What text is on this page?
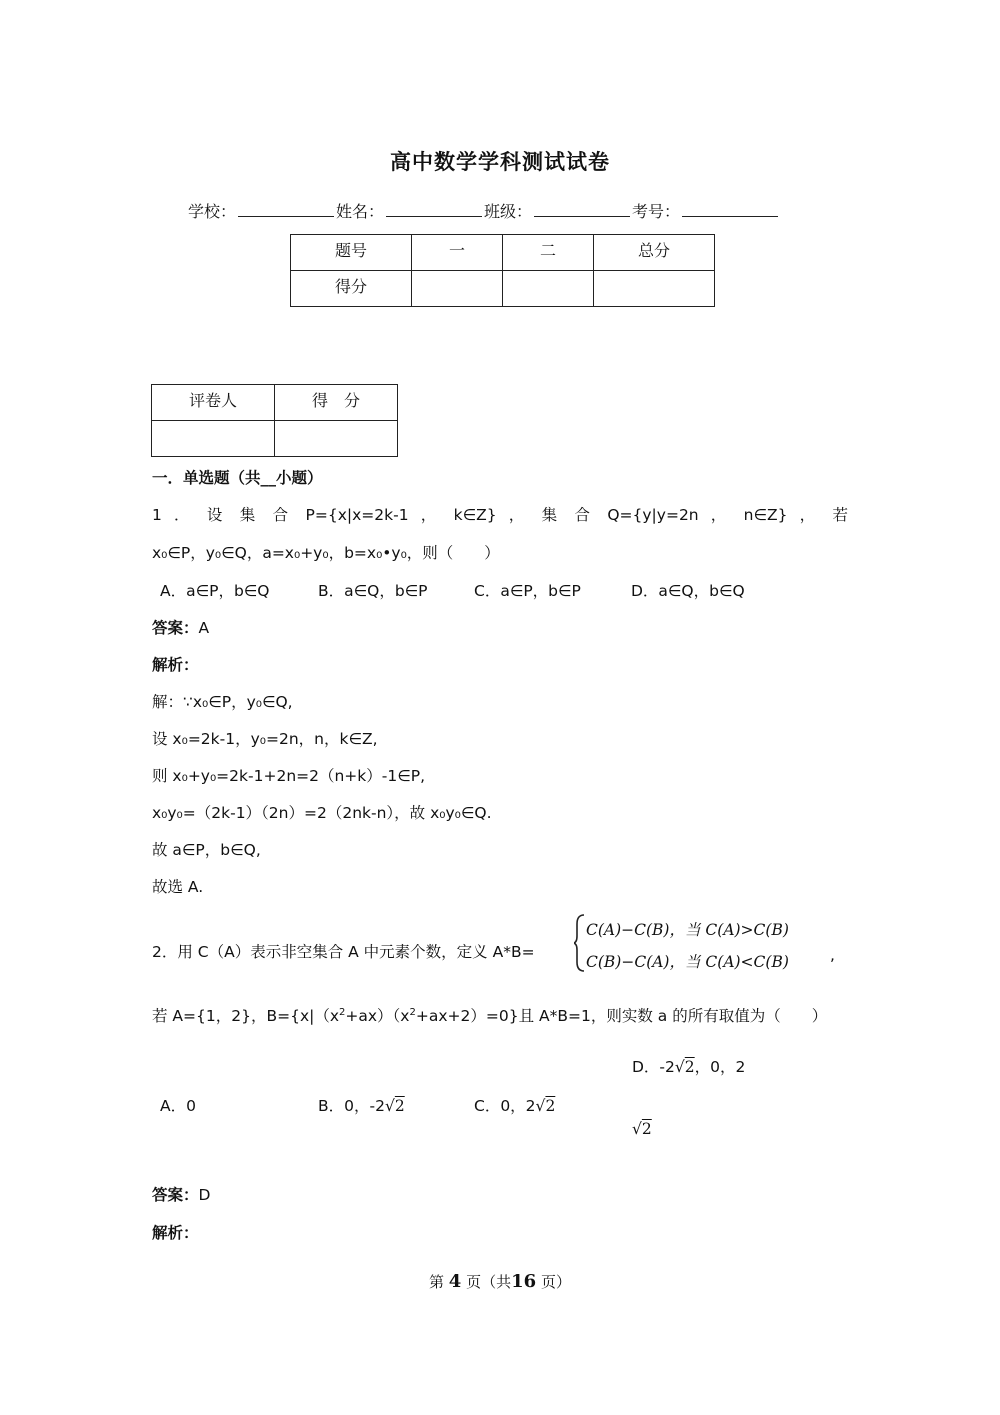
高中数学学科测试试卷
学校：	姓名：	班级：	考号：
题号	一	二	总分
得分			
评卷人	得　分

一．单选题（共__小题）
1 ． 设 集 合 P={x|x=2k-1 ， k∈Z} ， 集 合 Q={y|y=2n ， n∈Z} ， 若
x₀∈P，y₀∈Q，a=x₀+y₀，b=x₀•y₀，则（　　）
A．a∈P，b∈Q	B．a∈Q，b∈P	C．a∈P，b∈P	D．a∈Q，b∈Q
答案：A
解析：
解：∵x₀∈P，y₀∈Q,
设 x₀=2k-1，y₀=2n，n，k∈Z,
则 x₀+y₀=2k-1+2n=2（n+k）-1∈P,
x₀y₀=（2k-1）（2n）=2（2nk-n），故 x₀y₀∈Q.
故 a∈P，b∈Q,
故选 A.
2．用 C（A）表示非空集合 A 中元素个数，定义 A*B=
C(A)−C(B)，当 C(A)>C(B)
C(B)−C(A)，当 C(A)<C(B)	,
若 A={1，2}，$B=\{x|(x^2+ax)(x^2+ax+2)=0\}$且 A*B=1，则实数 a 的所有取值为（　　）
D．-2√2，0，2
A．0	B．0，-2√2	C．0，2√2
√2
答案：D
解析：
第 4 页（共16 页）
